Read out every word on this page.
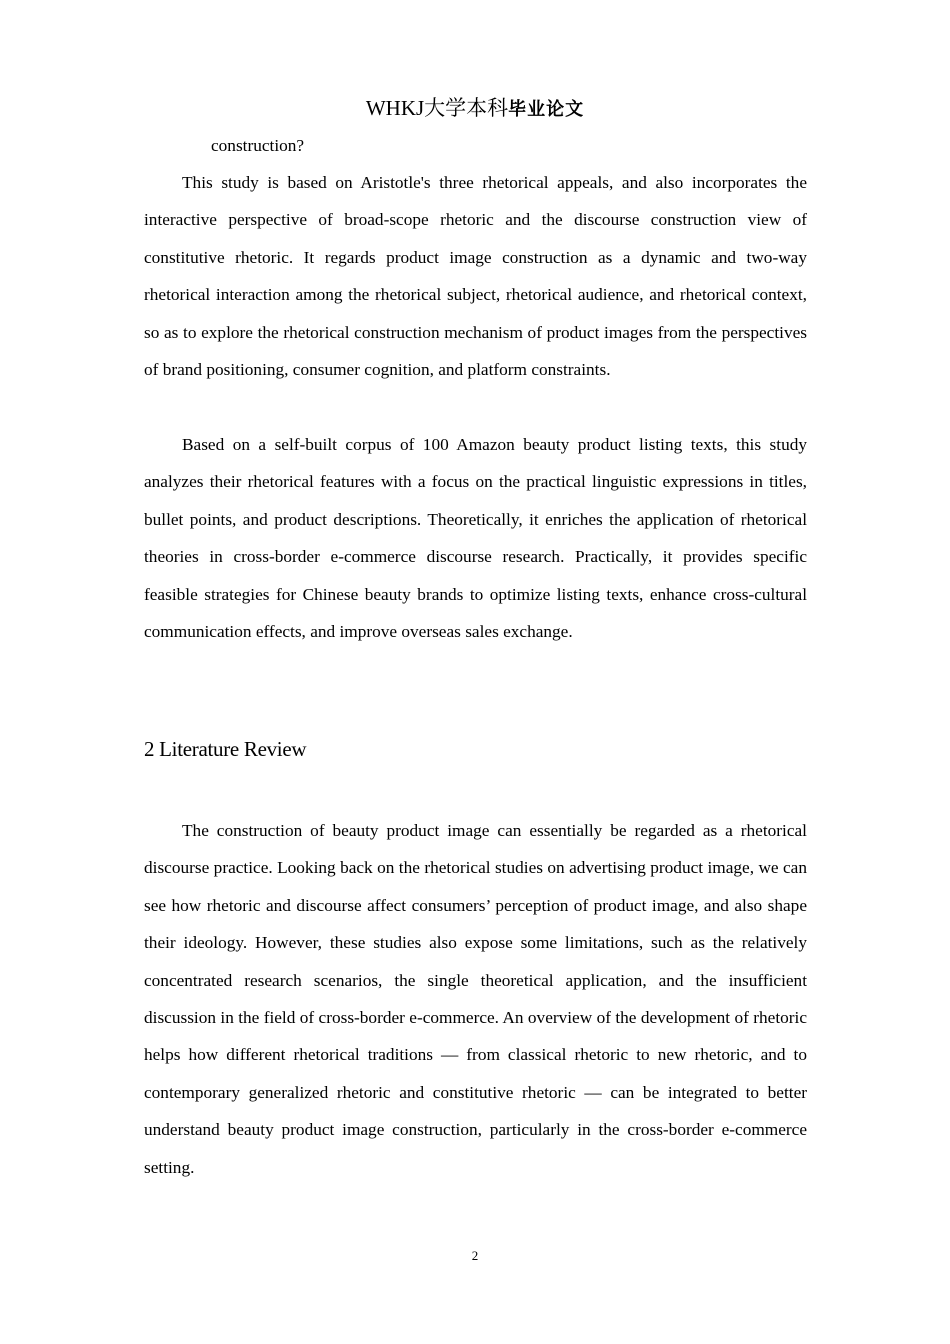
WHKJ大学本科毕业论文
construction?

This study is based on Aristotle's three rhetorical appeals, and also incorporates the interactive perspective of broad-scope rhetoric and the discourse construction view of constitutive rhetoric. It regards product image construction as a dynamic and two-way rhetorical interaction among the rhetorical subject, rhetorical audience, and rhetorical context, so as to explore the rhetorical construction mechanism of product images from the perspectives of brand positioning, consumer cognition, and platform constraints.

Based on a self-built corpus of 100 Amazon beauty product listing texts, this study analyzes their rhetorical features with a focus on the practical linguistic expressions in titles, bullet points, and product descriptions. Theoretically, it enriches the application of rhetorical theories in cross-border e-commerce discourse research. Practically, it provides specific feasible strategies for Chinese beauty brands to optimize listing texts, enhance cross-cultural communication effects, and improve overseas sales exchange.

2 Literature Review

The construction of beauty product image can essentially be regarded as a rhetorical discourse practice. Looking back on the rhetorical studies on advertising product image, we can see how rhetoric and discourse affect consumers’ perception of product image, and also shape their ideology. However, these studies also expose some limitations, such as the relatively concentrated research scenarios, the single theoretical application, and the insufficient discussion in the field of cross-border e-commerce. An overview of the development of rhetoric helps how different rhetorical traditions — from classical rhetoric to new rhetoric, and to contemporary generalized rhetoric and constitutive rhetoric — can be integrated to better understand beauty product image construction, particularly in the cross-border e-commerce setting.

2
